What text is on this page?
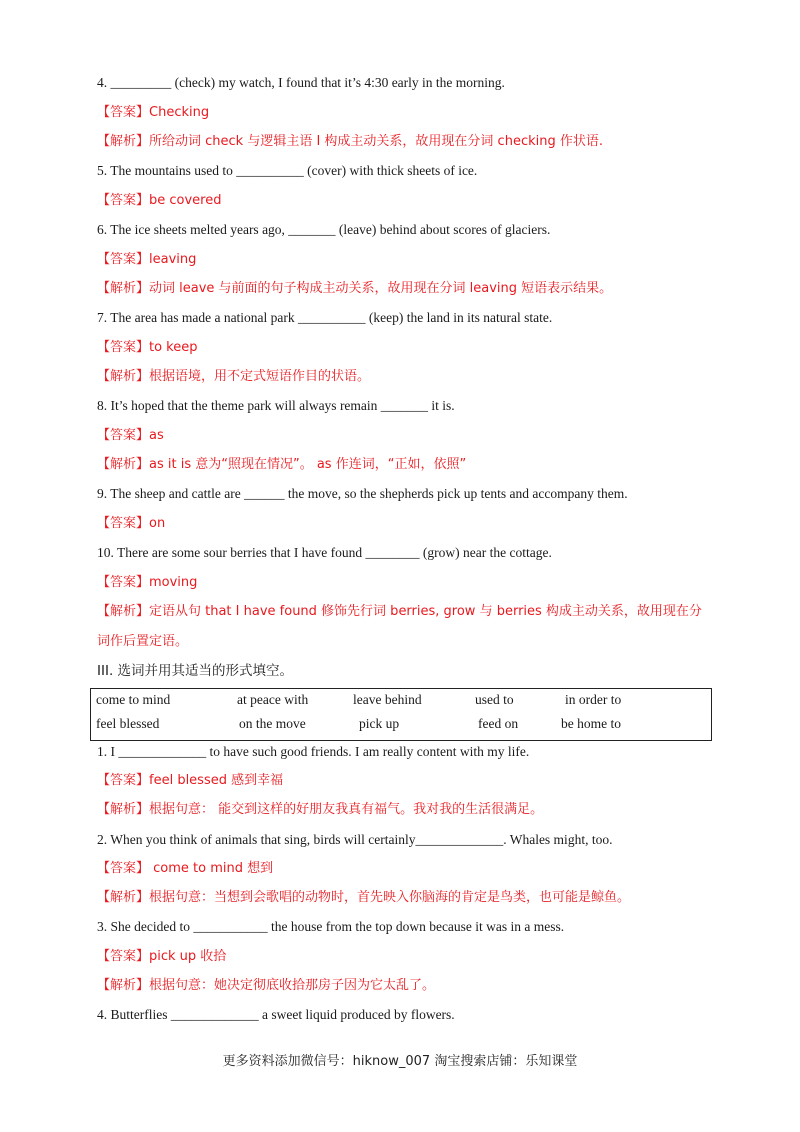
4. _________ (check) my watch, I found that it’s 4:30 early in the morning.
【答案】Checking
【解析】所给动词 check 与逻辑主语 I 构成主动关系，故用现在分词 checking 作状语.
5. The mountains used to __________ (cover) with thick sheets of ice.
【答案】be covered
6. The ice sheets melted years ago, _______ (leave) behind about scores of glaciers.
【答案】leaving
【解析】动词 leave 与前面的句子构成主动关系，故用现在分词 leaving 短语表示结果。
7. The area has made a national park __________ (keep) the land in its natural state.
【答案】to keep
【解析】根据语境，用不定式短语作目的状语。
8. It’s hoped that the theme park will always remain _______ it is.
【答案】as
【解析】as it is 意为“照现在情况”。 as 作连词，“正如，依照”
9. The sheep and cattle are ______ the move, so the shepherds pick up tents and accompany them.
【答案】on
10. There are some sour berries that I have found ________ (grow) near the cottage.
【答案】moving
【解析】定语从句 that I have found 修饰先行词 berries, grow 与 berries 构成主动关系，故用现在分词作后置定语。
III. 选词并用其适当的形式填空。
come to mind	at peace with	leave behind	used to	in order to
feel blessed	on the move	pick up	feed on	be home to
1. I _____________ to have such good friends. I am really content with my life.
【答案】feel blessed 感到幸福
【解析】根据句意： 能交到这样的好朋友我真有福气。我对我的生活很满足。
2. When you think of animals that sing, birds will certainly_____________. Whales might, too.
【答案】 come to mind 想到
【解析】根据句意：当想到会歌唱的动物时，首先映入你脑海的肯定是鸟类，也可能是鲸鱼。
3. She decided to ___________ the house from the top down because it was in a mess.
【答案】pick up 收拾
【解析】根据句意：她决定彻底收拾那房子因为它太乱了。
4. Butterflies _____________ a sweet liquid produced by flowers.
更多资料添加微信号：hiknow_007 淘宝搜索店铺：乐知课堂
